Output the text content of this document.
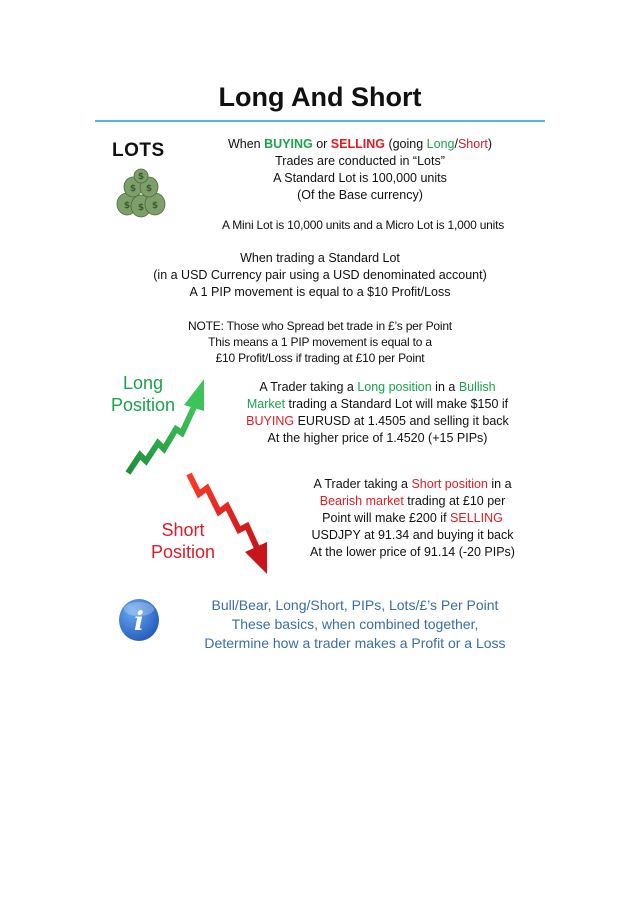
Long And Short
LOTS
$ $ $
$ $
$
When BUYING or SELLING (going Long/Short)
Trades are conducted in “Lots”
A Standard Lot is 100,000 units
(Of the Base currency)
A Mini Lot is 10,000 units and a Micro Lot is 1,000 units
When trading a Standard Lot
(in a USD Currency pair using a USD denominated account)
A 1 PIP movement is equal to a $10 Profit/Loss
NOTE: Those who Spread bet trade in £’s per Point
This means a 1 PIP movement is equal to a
£10 Profit/Loss if trading at £10 per Point
Long
Position
A Trader taking a Long position in a Bullish
Market trading a Standard Lot will make $150 if
BUYING EURUSD at 1.4505 and selling it back
At the higher price of 1.4520 (+15 PIPs)
Short
Position
A Trader taking a Short position in a
Bearish market trading at £10 per
Point will make £200 if SELLING
USDJPY at 91.34 and buying it back
At the lower price of 91.14 (-20 PIPs)
i
Bull/Bear, Long/Short, PIPs, Lots/£’s Per Point
These basics, when combined together,
Determine how a trader makes a Profit or a Loss
